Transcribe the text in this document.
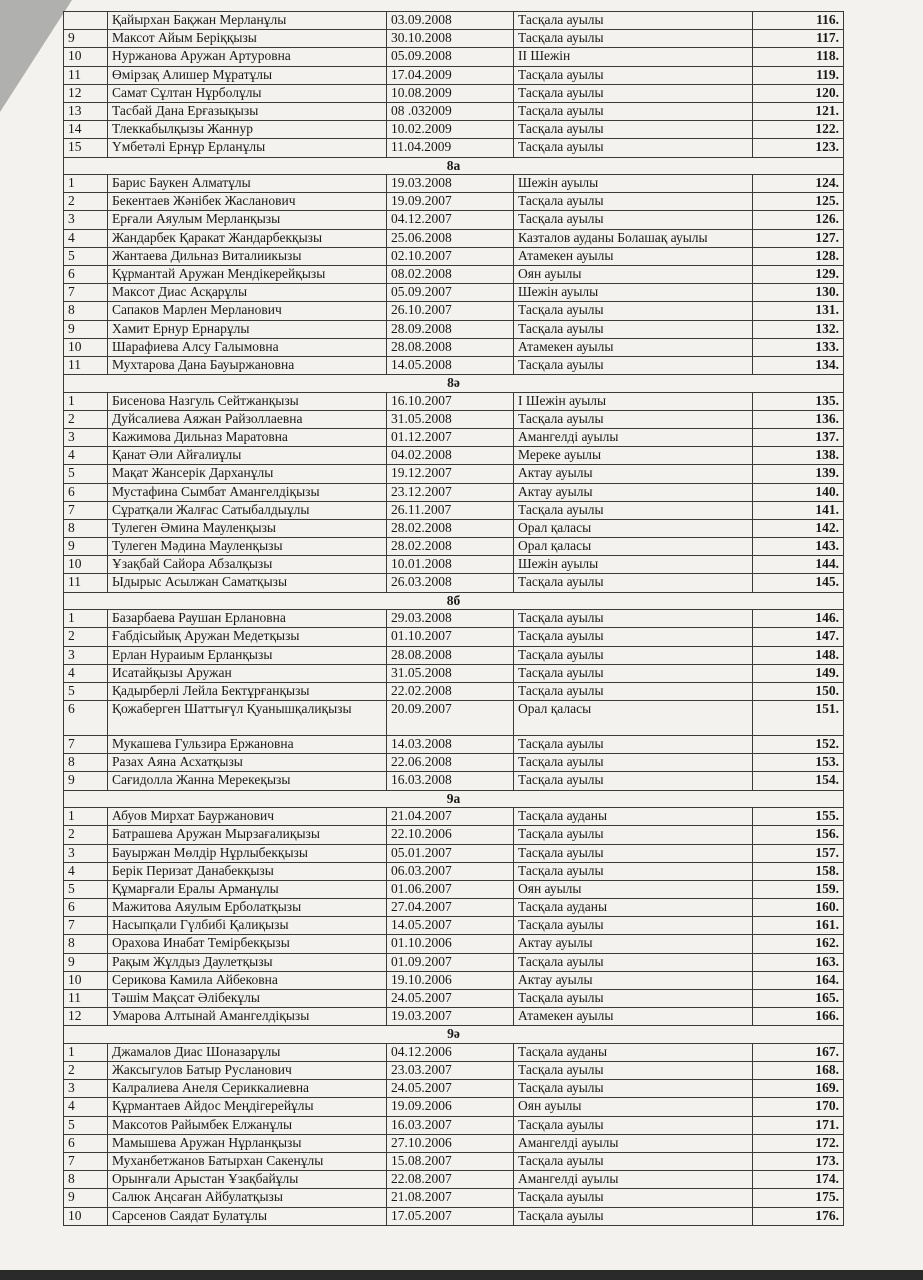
	Қайырхан Бақжан Мерланұлы	03.09.2008	Тасқала ауылы	116.
9	Максот Айым Беріққызы	30.10.2008	Тасқала ауылы	117.
10	Нуржанова Аружан Артуровна	05.09.2008	II Шежін	118.
11	Өмірзақ Алишер Мұратұлы	17.04.2009	Тасқала ауылы	119.
12	Самат Сұлтан Нұрболұлы	10.08.2009	Тасқала ауылы	120.
13	Тасбай Дана Ерғазықызы	08 .032009	Тасқала ауылы	121.
14	Тлеккабылқызы Жаннур	10.02.2009	Тасқала ауылы	122.
15	Үмбетәлі Ернұр Ерланұлы	11.04.2009	Тасқала ауылы	123.
8а				
1	Барис Баукен Алматұлы	19.03.2008	Шежін ауылы	124.
2	Бекентаев Жәнібек Жасланович	19.09.2007	Тасқала ауылы	125.
3	Ерғали Аяулым Мерланқызы	04.12.2007	Тасқала ауылы	126.
4	Жандарбек Қаракат Жандарбекқызы	25.06.2008	Казталов ауданы Болашақ ауылы	127.
5	Жантаева Дильназ Виталиикызы	02.10.2007	Атамекен ауылы	128.
6	Құрмантай Аружан Мендікерейқызы	08.02.2008	Оян ауылы	129.
7	Максот Диас Асқарұлы	05.09.2007	Шежін ауылы	130.
8	Сапаков Марлен Мерланович	26.10.2007	Тасқала ауылы	131.
9	Хамит Ернур Ернарұлы	28.09.2008	Тасқала ауылы	132.
10	Шарафиева Алсу Галымовна	28.08.2008	Атамекен ауылы	133.
11	Мухтарова Дана Бауыржановна	14.05.2008	Тасқала ауылы	134.
8ә				
1	Бисенова Назгуль Сейтжанқызы	16.10.2007	I Шежін ауылы	135.
2	Дуйсалиева Аяжан Райзоллаевна	31.05.2008	Тасқала ауылы	136.
3	Кажимова Дильназ Маратовна	01.12.2007	Амангелді ауылы	137.
4	Қанат Әли Айғалиұлы	04.02.2008	Мереке ауылы	138.
5	Мақат Жансерік Дарханұлы	19.12.2007	Актау ауылы	139.
6	Мустафина Сымбат Амангелдіқызы	23.12.2007	Актау ауылы	140.
7	Сұратқали Жалғас Сатыбалдыұлы	26.11.2007	Тасқала ауылы	141.
8	Тулеген Әмина Мауленқызы	28.02.2008	Орал қаласы	142.
9	Тулеген Мәдина Мауленқызы	28.02.2008	Орал қаласы	143.
10	Ұзақбай Сайора Абзалқызы	10.01.2008	Шежін ауылы	144.
11	Ыдырыс Асылжан Саматқызы	26.03.2008	Тасқала ауылы	145.
8б				
1	Базарбаева Раушан Ерлановна	29.03.2008	Тасқала ауылы	146.
2	Ғабдісыйық Аружан Медетқызы	01.10.2007	Тасқала ауылы	147.
3	Ерлан Нураиым Ерланқызы	28.08.2008	Тасқала ауылы	148.
4	Исатайқызы Аружан	31.05.2008	Тасқала ауылы	149.
5	Қадырберлі Лейла Бектұрғанқызы	22.02.2008	Тасқала ауылы	150.
6	Қожаберген Шаттығүл Қуанышқалиқызы	20.09.2007	Орал қаласы	151.
7	Мукашева Гульзира Ержановна	14.03.2008	Тасқала ауылы	152.
8	Разах Аяна Асхатқызы	22.06.2008	Тасқала ауылы	153.
9	Сағидолла Жанна Мерекеқызы	16.03.2008	Тасқала ауылы	154.
9а				
1	Абуов Мирхат Бауржанович	21.04.2007	Тасқала ауданы	155.
2	Батрашева Аружан Мырзағалиқызы	22.10.2006	Тасқала ауылы	156.
3	Бауыржан Мөлдір Нұрлыбекқызы	05.01.2007	Тасқала ауылы	157.
4	Берік Перизат Данабекқызы	06.03.2007	Тасқала ауылы	158.
5	Құмарғали Ералы Арманұлы	01.06.2007	Оян ауылы	159.
6	Мажитова Аяулым Ерболатқызы	27.04.2007	Тасқала ауданы	160.
7	Насыпқали Гүлбибі Қалиқызы	14.05.2007	Тасқала ауылы	161.
8	Орахова Инабат Темірбекқызы	01.10.2006	Актау ауылы	162.
9	Рақым Жұлдыз Даулетқызы	01.09.2007	Тасқала ауылы	163.
10	Серикова Камила Айбековна	19.10.2006	Актау ауылы	164.
11	Тәшім Мақсат Әлібекұлы	24.05.2007	Тасқала ауылы	165.
12	Умарова Алтынай Амангелдіқызы	19.03.2007	Атамекен ауылы	166.
9ә				
1	Джамалов Диас Шоназарұлы	04.12.2006	Тасқала ауданы	167.
2	Жаксыгулов Батыр Русланович	23.03.2007	Тасқала ауылы	168.
3	Калралиева Анеля Сериккалиевна	24.05.2007	Тасқала ауылы	169.
4	Құрмантаев Айдос Меңдігерейұлы	19.09.2006	Оян ауылы	170.
5	Максотов Райымбек Елжанұлы	16.03.2007	Тасқала ауылы	171.
6	Мамышева Аружан Нұрланқызы	27.10.2006	Амангелді ауылы	172.
7	Муханбетжанов Батырхан Сакенұлы	15.08.2007	Тасқала ауылы	173.
8	Орынғали Арыстан Ұзақбайұлы	22.08.2007	Амангелді ауылы	174.
9	Салюк Аңсаған Айбулатқызы	21.08.2007	Тасқала ауылы	175.
10	Сарсенов Саядат Булатұлы	17.05.2007	Тасқала ауылы	176.
